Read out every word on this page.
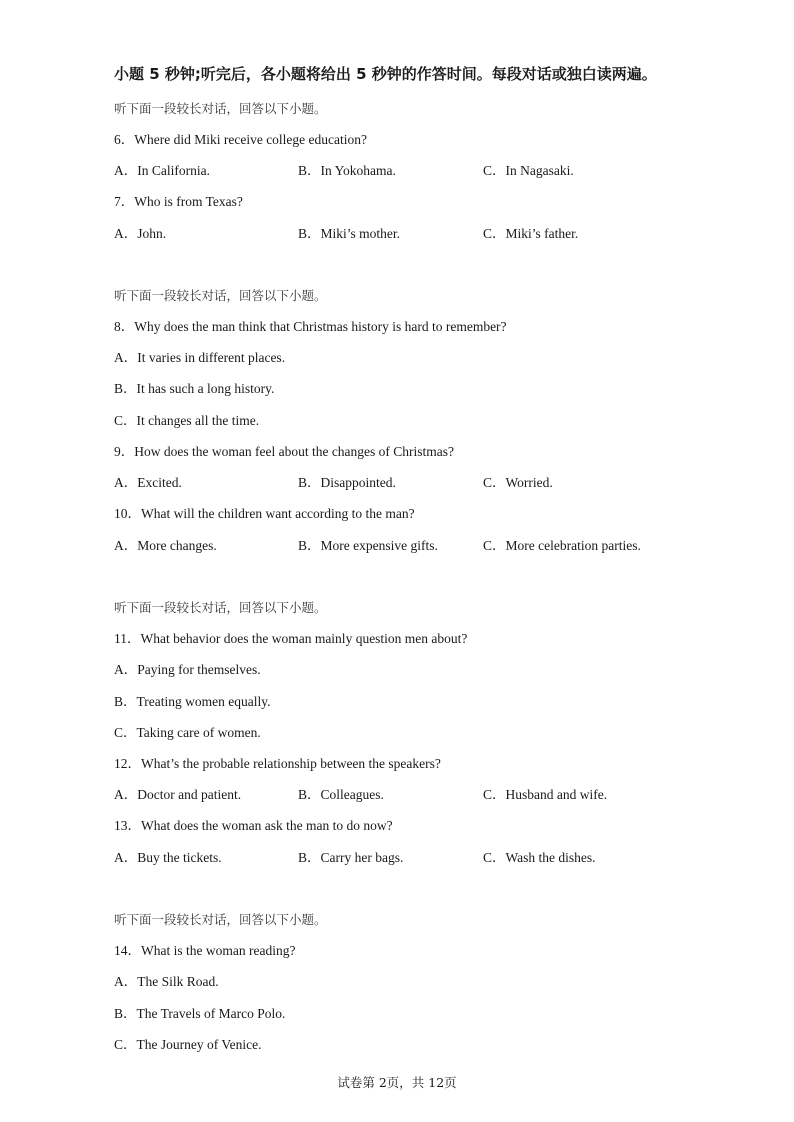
小题 5 秒钟;听完后，各小题将给出 5 秒钟的作答时间。每段对话或独白读两遍。
听下面一段较长对话，回答以下小题。
6．Where did Miki receive college education?
A．In California.	B．In Yokohama.	C．In Nagasaki.
7．Who is from Texas?
A．John.	B．Miki’s mother.	C．Miki’s father.
听下面一段较长对话，回答以下小题。
8．Why does the man think that Christmas history is hard to remember?
A．It varies in different places.
B．It has such a long history.
C．It changes all the time.
9．How does the woman feel about the changes of Christmas?
A．Excited.	B．Disappointed.	C．Worried.
10．What will the children want according to the man?
A．More changes.	B．More expensive gifts.	C．More celebration parties.
听下面一段较长对话，回答以下小题。
11．What behavior does the woman mainly question men about?
A．Paying for themselves.
B．Treating women equally.
C．Taking care of women.
12．What’s the probable relationship between the speakers?
A．Doctor and patient.	B．Colleagues.	C．Husband and wife.
13．What does the woman ask the man to do now?
A．Buy the tickets.	B．Carry her bags.	C．Wash the dishes.
听下面一段较长对话，回答以下小题。
14．What is the woman reading?
A．The Silk Road.
B．The Travels of Marco Polo.
C．The Journey of Venice.
试卷第 2页，共 12页
